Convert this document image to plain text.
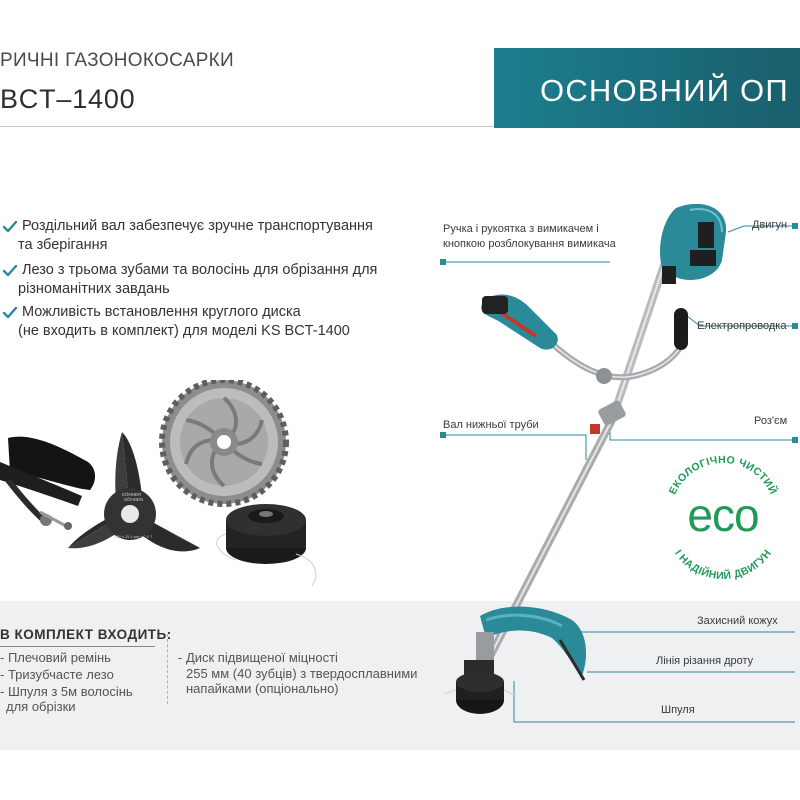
РИЧНІ ГАЗОНОКОСАРКИ
BCT–1400	ОСНОВНИЙ ОП
Роздільний вал забезпечує зручне транспортування
та зберігання
Лезо з трьома зубами та волосінь для обрізання для
різноманітних завдань
Можливість встановлення круглого диска
(не входить в комплект) для моделі KS BCT-1400
KÖNNER
SÖHNEN
255 х 25,4 мм х 2,0 T
В КОМПЛЕКТ ВХОДИТЬ:
- Плечовий ремінь
- Тризубчасте лезо
- Шпуля з 5м волосінь
для обрізки
- Диск підвищеної міцності
255 мм (40 зубців) з твердосплавними
напайками (опціонально)
ЕКОЛОГІЧНО ЧИСТИЙ
І НАДІЙНИЙ ДВИГУН
eco
Ручка і рукоятка з вимикачем і
кнопкою розблокування вимикача
Двигун
Електропроводка
Вал нижньої труби	Роз'єм
Захисний кожух
Лінія різання дроту
Шпуля
